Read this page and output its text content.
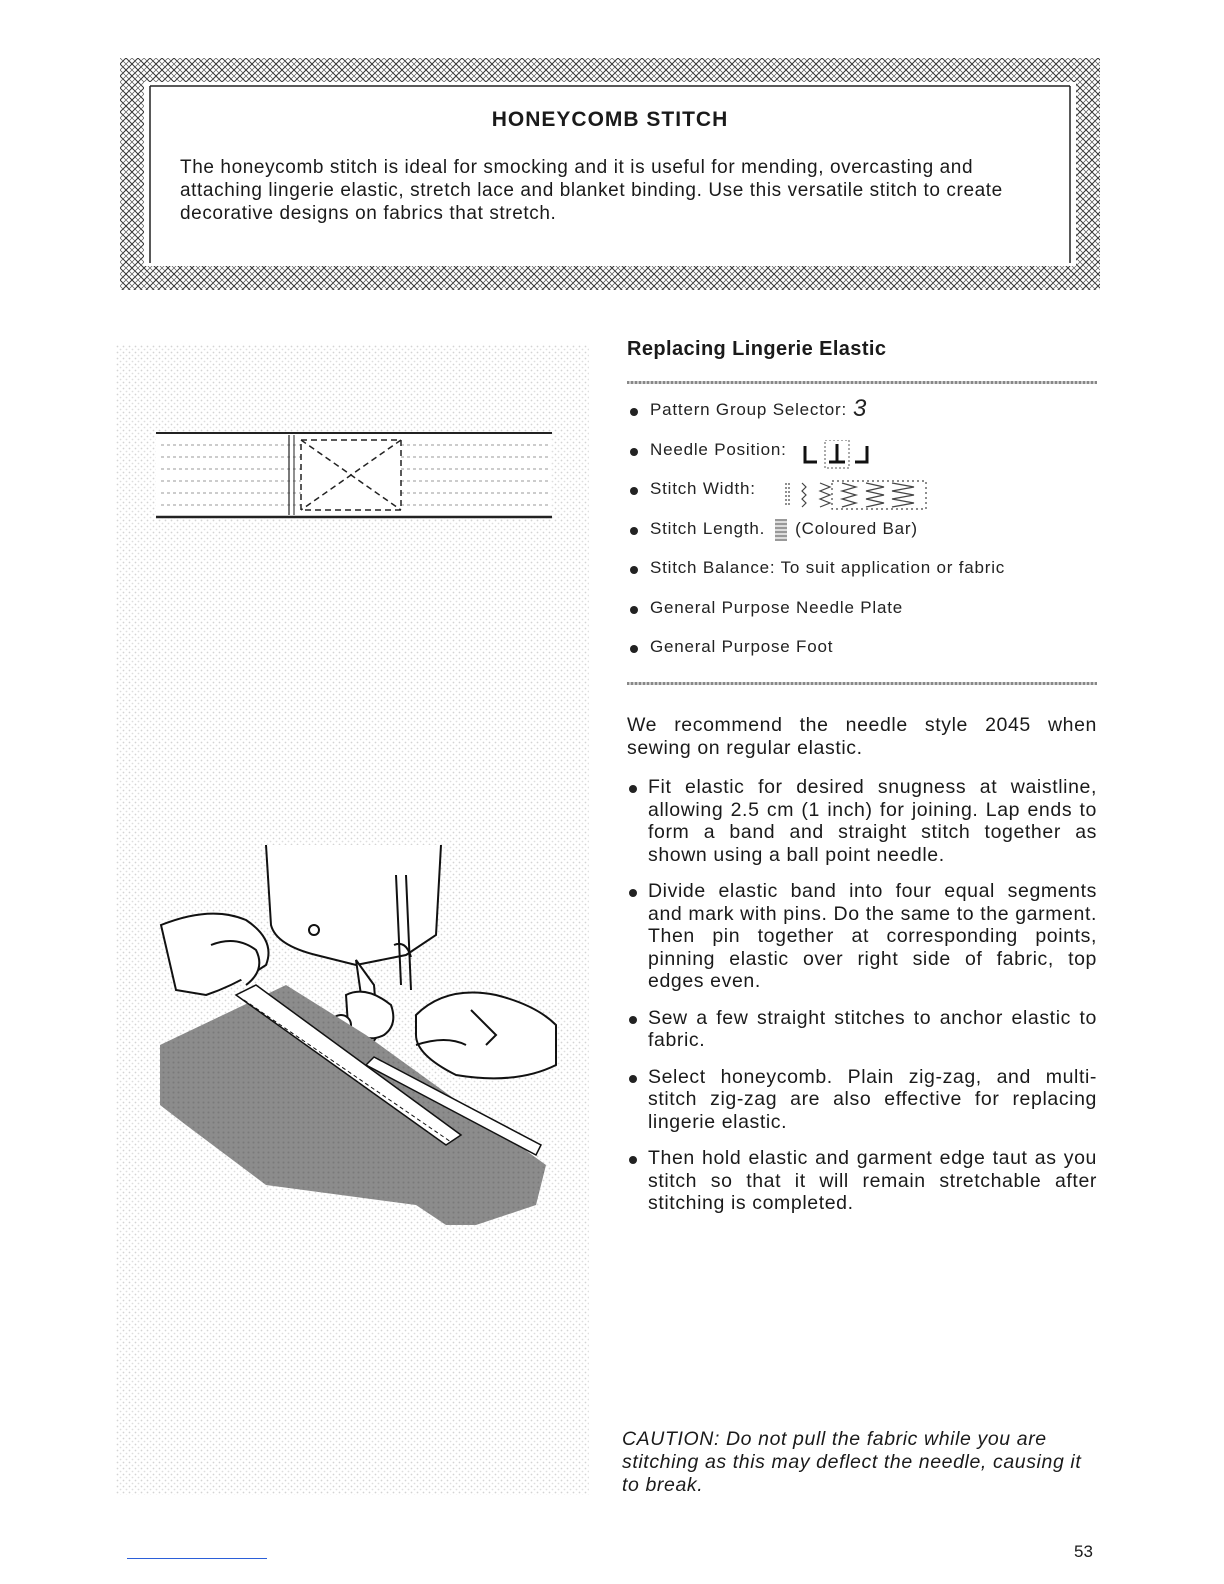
HONEYCOMB STITCH

The honeycomb stitch is ideal for smocking and it is useful for mending, overcasting and attaching lingerie elastic, stretch lace and blanket binding. Use this versatile stitch to create decorative designs on fabrics that stretch.

Replacing Lingerie Elastic
Pattern Group Selector: 3
Needle Position:
Stitch Width:
Stitch Length. (Coloured Bar)
Stitch Balance: To suit application or fabric
General Purpose Needle Plate
General Purpose Foot

We recommend the needle style 2045 when sewing on regular elastic.

Fit elastic for desired snugness at waistline, allowing 2.5 cm (1 inch) for joining. Lap ends to form a band and straight stitch together as shown using a ball point needle.
Divide elastic band into four equal segments and mark with pins. Do the same to the garment. Then pin together at corresponding points, pinning elastic over right side of fabric, top edges even.
Sew a few straight stitches to anchor elastic to fabric.
Select honeycomb. Plain zig-zag, and multi-stitch zig-zag are also effective for replacing lingerie elastic.
Then hold elastic and garment edge taut as you stitch so that it will remain stretchable after stitching is completed.

CAUTION: Do not pull the fabric while you are stitching as this may deflect the needle, causing it to break.

53
